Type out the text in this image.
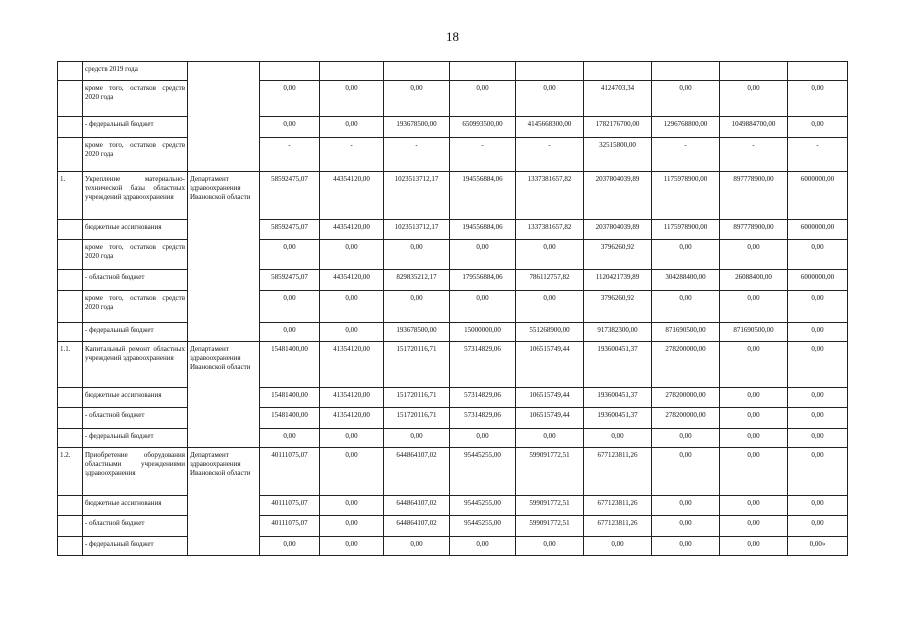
18
	средств 2019 года										
	кроме того, остатков средств 2020 года		0,00	0,00	0,00	0,00	0,00	4124703,34	0,00	0,00	0,00
	- федеральный бюджет		0,00	0,00	193678500,00	650993500,00	4145668300,00	1782176700,00	1296768800,00	1049884700,00	0,00
	кроме того, остатков средств 2020 года		-	-	-	-	-	32515800,00	-	-	-
1.	Укрепление материально-технической базы областных учреждений здравоохранения	Департамент здравоохранения Ивановской области	58592475,07	44354120,00	1023513712,17	194556884,06	1337381657,82	2037804039,89	1175978900,00	897778900,00	6000000,00
	бюджетные ассигнования		58592475,07	44354120,00	1023513712,17	194556884,06	1337381657,82	2037804039,89	1175978900,00	897778900,00	6000000,00
	кроме того, остатков средств 2020 года		0,00	0,00	0,00	0,00	0,00	3796260,92	0,00	0,00	0,00
	- областной бюджет		58592475,07	44354120,00	829835212,17	179556884,06	786112757,82	1120421739,89	304288400,00	26088400,00	6000000,00
	кроме того, остатков средств 2020 года		0,00	0,00	0,00	0,00	0,00	3796260,92	0,00	0,00	0,00
	- федеральный бюджет		0,00	0,00	193678500,00	15000000,00	551268900,00	917382300,00	871690500,00	871690500,00	0,00
1.1.	Капитальный ремонт областных учреждений здравоохранения	Департамент здравоохранения Ивановской области	15481400,00	41354120,00	151720116,71	57314829,06	106515749,44	193600451,37	278200000,00	0,00	0,00
	бюджетные ассигнования		15481400,00	41354120,00	151720116,71	57314829,06	106515749,44	193600451,37	278200000,00	0,00	0,00
	- областной бюджет		15481400,00	41354120,00	151720116,71	57314829,06	106515749,44	193600451,37	278200000,00	0,00	0,00
	- федеральный бюджет		0,00	0,00	0,00	0,00	0,00	0,00	0,00	0,00	0,00
1.2.	Приобретение оборудования областными учреждениями здравоохранения	Департамент здравоохранения Ивановской области	40111075,07	0,00	644864107,02	95445255,00	599091772,51	677123811,26	0,00	0,00	0,00
	бюджетные ассигнования		40111075,07	0,00	644864107,02	95445255,00	599091772,51	677123811,26	0,00	0,00	0,00
	- областной бюджет		40111075,07	0,00	644864107,02	95445255,00	599091772,51	677123811,26	0,00	0,00	0,00
	- федеральный бюджет		0,00	0,00	0,00	0,00	0,00	0,00	0,00	0,00	0,00»
